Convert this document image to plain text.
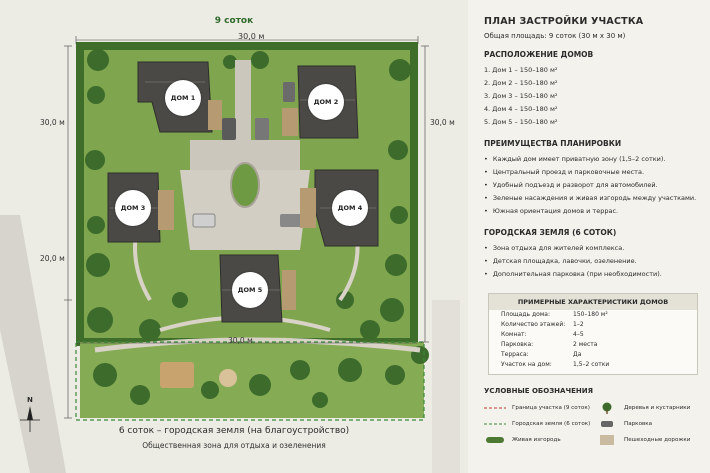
9 соток
30,0 м
30,0 м
20,0 м
30,0 м
30,0 м
ДОМ 1	ДОМ 2
ДОМ 3	ДОМ 4
ДОМ 5
N
6 соток – городская земля (на благоустройство)
Общественная зона для отдыха и озеленения
ПЛАН ЗАСТРОЙКИ УЧАСТКА
Общая площадь: 9 соток (30 м х 30 м)
РАСПОЛОЖЕНИЕ ДОМОВ
1. Дом 1 – 150–180 м²
2. Дом 2 – 150–180 м²
3. Дом 3 – 150–180 м²
4. Дом 4 – 150–180 м²
5. Дом 5 – 150–180 м²
ПРЕИМУЩЕСТВА ПЛАНИРОВКИ
• Каждый дом имеет приватную зону (1,5–2 сотки).
• Центральный проезд и парковочные места.
• Удобный подъезд и разворот для автомобилей.
• Зеленые насаждения и живая изгородь между участками.
• Южная ориентация домов и террас.
ГОРОДСКАЯ ЗЕМЛЯ (6 СОТОК)
• Зона отдыха для жителей комплекса.
• Детская площадка, лавочки, озеленение.
• Дополнительная парковка (при необходимости).
ПРИМЕРНЫЕ ХАРАКТЕРИСТИКИ ДОМОВ
Площадь дома:	150–180 м²
Количество этажей:	1–2
Комнат:	4–5
Парковка:	2 места
Терраса:	Да
Участок на дом:	1,5–2 сотки
УСЛОВНЫЕ ОБОЗНАЧЕНИЯ
Граница участка (9 соток)	Деревья и кустарники
Городская земля (6 соток)	Парковка
Живая изгородь	Пешеходные дорожки
